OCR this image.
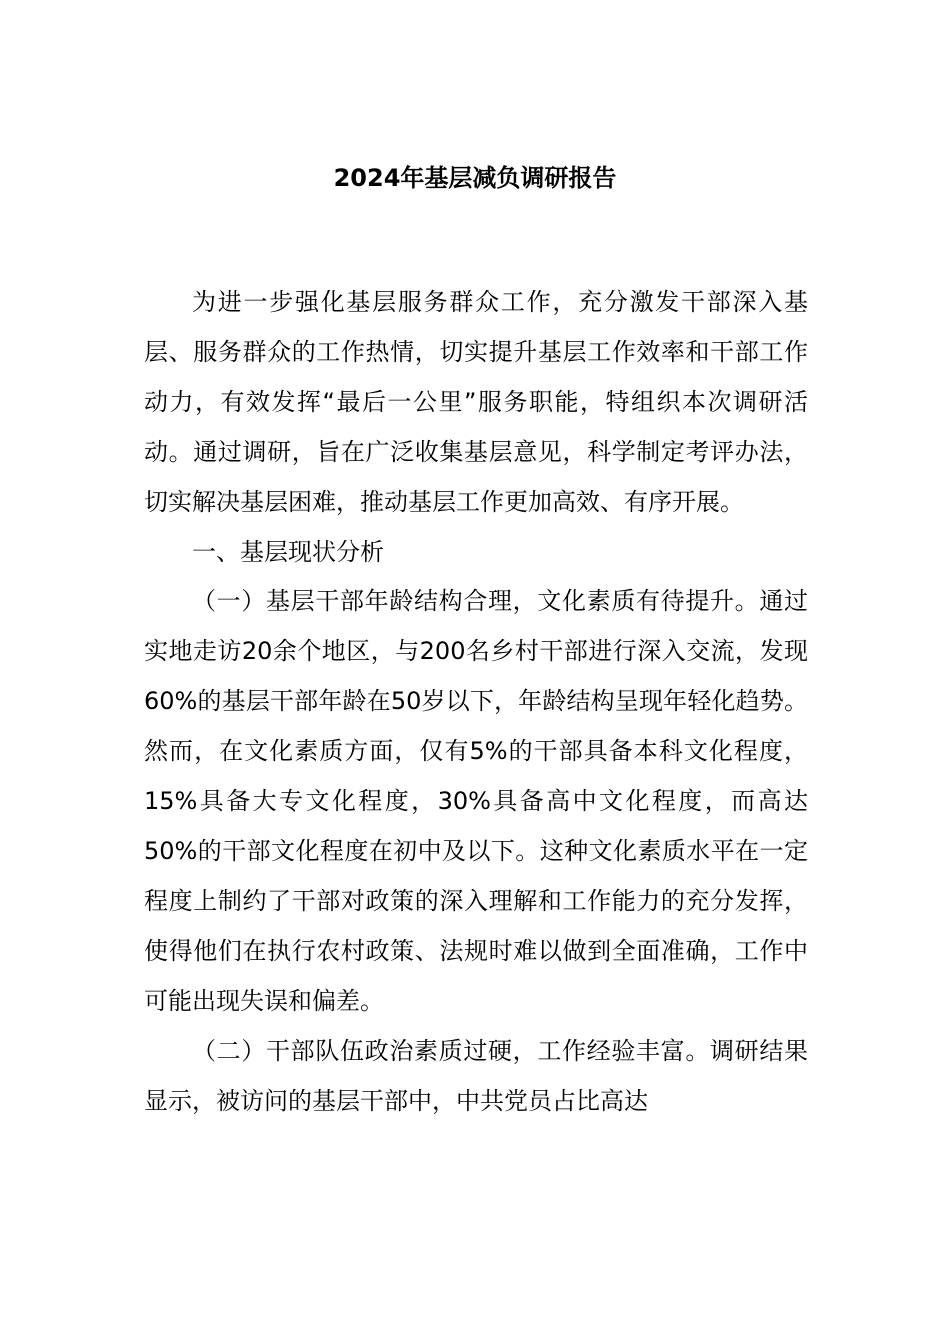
2024年基层减负调研报告

为进一步强化基层服务群众工作，充分激发干部深入基层、服务群众的工作热情，切实提升基层工作效率和干部工作动力，有效发挥“最后一公里”服务职能，特组织本次调研活动。通过调研，旨在广泛收集基层意见，科学制定考评办法，切实解决基层困难，推动基层工作更加高效、有序开展。

一、基层现状分析

（一）基层干部年龄结构合理，文化素质有待提升。通过实地走访20余个地区，与200名乡村干部进行深入交流，发现60%的基层干部年龄在50岁以下，年龄结构呈现年轻化趋势。然而，在文化素质方面，仅有5%的干部具备本科文化程度，15%具备大专文化程度，30%具备高中文化程度，而高达50%的干部文化程度在初中及以下。这种文化素质水平在一定程度上制约了干部对政策的深入理解和工作能力的充分发挥，使得他们在执行农村政策、法规时难以做到全面准确，工作中可能出现失误和偏差。

（二）干部队伍政治素质过硬，工作经验丰富。调研结果显示，被访问的基层干部中，中共党员占比高达
